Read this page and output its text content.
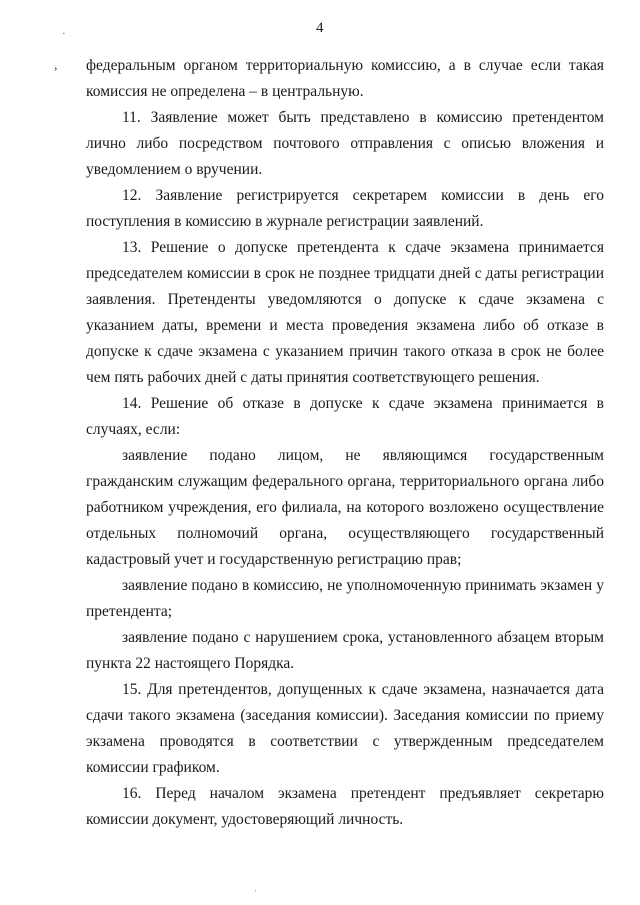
4
·
,
'

федеральным органом территориальную комиссию, а в случае если такая комиссия не определена – в центральную.

11. Заявление может быть представлено в комиссию претендентом лично либо посредством почтового отправления с описью вложения и уведомлением о вручении.

12. Заявление регистрируется секретарем комиссии в день его поступления в комиссию в журнале регистрации заявлений.

13. Решение о допуске претендента к сдаче экзамена принимается председателем комиссии в срок не позднее тридцати дней с даты регистрации заявления. Претенденты уведомляются о допуске к сдаче экзамена с указанием даты, времени и места проведения экзамена либо об отказе в допуске к сдаче экзамена с указанием причин такого отказа в срок не более чем пять рабочих дней с даты принятия соответствующего решения.

14. Решение об отказе в допуске к сдаче экзамена принимается в случаях, если:

заявление подано лицом, не являющимся государственным гражданским служащим федерального органа, территориального органа либо работником учреждения, его филиала, на которого возложено осуществление отдельных полномочий органа, осуществляющего государственный кадастровый учет и государственную регистрацию прав;

заявление подано в комиссию, не уполномоченную принимать экзамен у претендента;

заявление подано с нарушением срока, установленного абзацем вторым пункта 22 настоящего Порядка.

15. Для претендентов, допущенных к сдаче экзамена, назначается дата сдачи такого экзамена (заседания комиссии). Заседания комиссии по приему экзамена проводятся в соответствии с утвержденным председателем комиссии графиком.

16. Перед началом экзамена претендент предъявляет секретарю комиссии документ, удостоверяющий личность.
